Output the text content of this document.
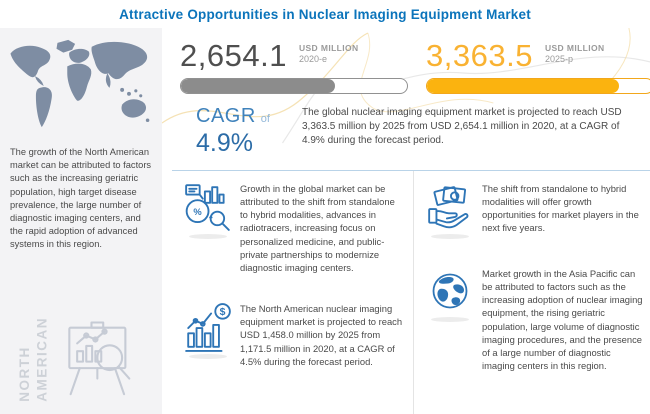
Attractive Opportunities in Nuclear Imaging Equipment Market

The growth of the North American market can be attributed to factors such as the increasing geriatric population, high target disease prevalence, the large number of diagnostic imaging centers, and the rapid adoption of advanced systems in this region.

NORTH AMERICAN
2,654.1 USD MILLION
2020-e	3,363.5 USD MILLION
2025-p
CAGR of
4.9%

The global nuclear imaging equipment market is projected to reach USD 3,363.5 million by 2025 from USD 2,654.1 million in 2020, at a CAGR of 4.9% during the forecast period.

%

Growth in the global market can be attributed to the shift from standalone to hybrid modalities, advances in radiotracers, increasing focus on personalized medicine, and public-private partnerships to modernize diagnostic imaging centers.

$ The North American nuclear imaging equipment market is projected to reach USD 1,458.0 million by 2025 from 1,171.5 million in 2020, at a CAGR of 4.5% during the forecast period.

The shift from standalone to hybrid modalities will offer growth opportunities for market players in the next five years.

Market growth in the Asia Pacific can be attributed to factors such as the increasing adoption of nuclear imaging equipment, the rising geriatric population, large volume of diagnostic imaging procedures, and the presence of a large number of diagnostic imaging centers in this region.
